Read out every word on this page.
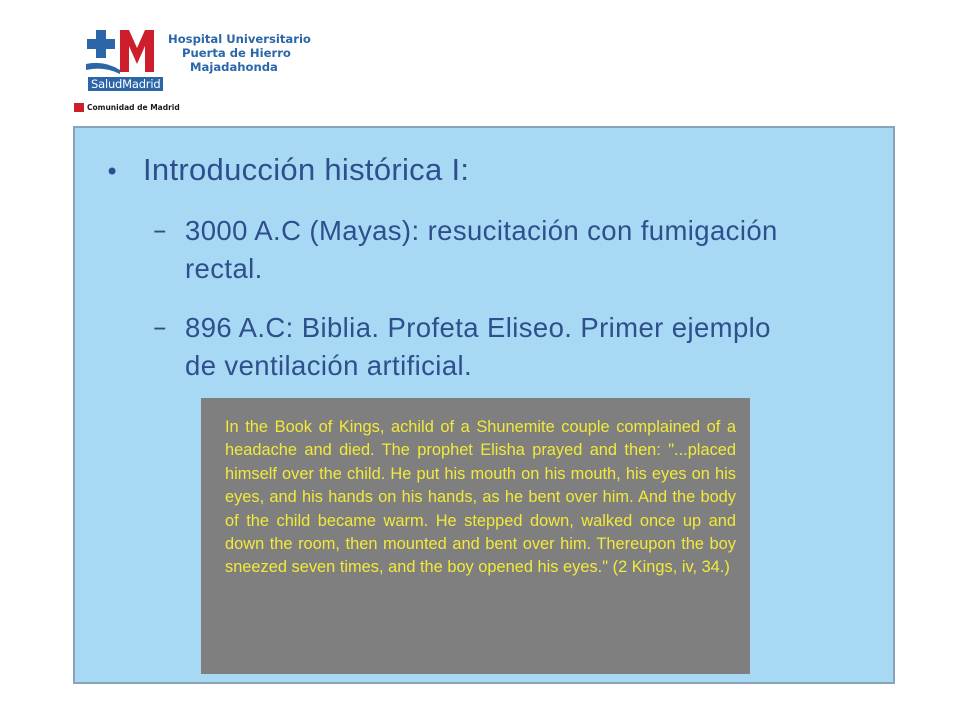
SaludMadrid
Comunidad de Madrid
Hospital Universitario
Puerta de Hierro
Majadahonda
• Introducción histórica I:
– 3000 A.C (Mayas): resucitación con fumigación rectal.
– 896 A.C: Biblia. Profeta Eliseo. Primer ejemplo de ventilación artificial.

In the Book of Kings, achild of a Shunemite couple complained of a headache and died. The prophet Elisha prayed and then: "...placed himself over the child. He put his mouth on his mouth, his eyes on his eyes, and his hands on his hands, as he bent over him. And the body of the child became warm. He stepped down, walked once up and down the room, then mounted and bent over him. Thereupon the boy sneezed seven times, and the boy opened his eyes." (2 Kings, iv, 34.)
